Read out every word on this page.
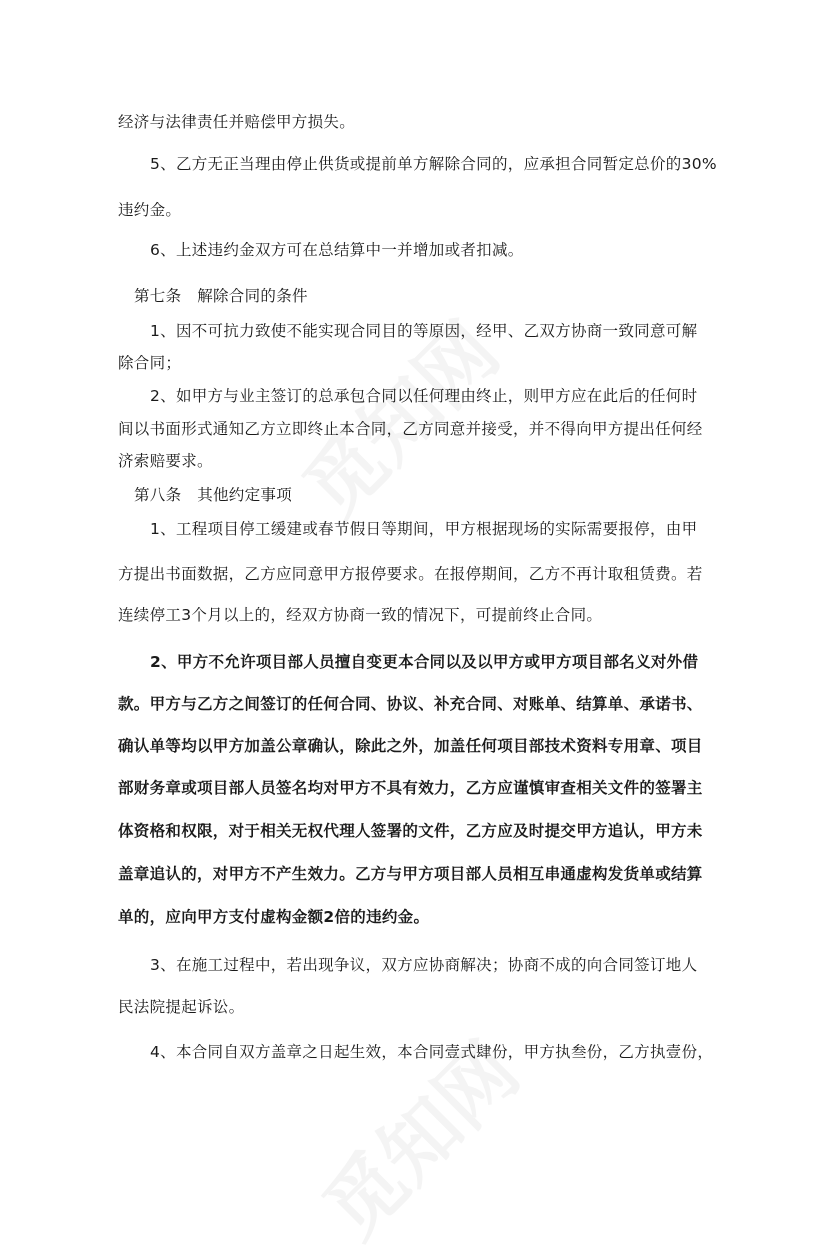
经济与法律责任并赔偿甲方损失。
5、乙方无正当理由停止供货或提前单方解除合同的，应承担合同暂定总价的30%
违约金。
6、上述违约金双方可在总结算中一并增加或者扣减。
第七条　解除合同的条件
1、因不可抗力致使不能实现合同目的等原因，经甲、乙双方协商一致同意可解
除合同；
2、如甲方与业主签订的总承包合同以任何理由终止，则甲方应在此后的任何时
间以书面形式通知乙方立即终止本合同，乙方同意并接受，并不得向甲方提出任何经
济索赔要求。
第八条　其他约定事项
1、工程项目停工缓建或春节假日等期间，甲方根据现场的实际需要报停，由甲
方提出书面数据，乙方应同意甲方报停要求。在报停期间，乙方不再计取租赁费。若
连续停工3个月以上的，经双方协商一致的情况下，可提前终止合同。
2、甲方不允许项目部人员擅自变更本合同以及以甲方或甲方项目部名义对外借
款。甲方与乙方之间签订的任何合同、协议、补充合同、对账单、结算单、承诺书、
确认单等均以甲方加盖公章确认，除此之外，加盖任何项目部技术资料专用章、项目
部财务章或项目部人员签名均对甲方不具有效力，乙方应谨慎审查相关文件的签署主
体资格和权限，对于相关无权代理人签署的文件，乙方应及时提交甲方追认，甲方未
盖章追认的，对甲方不产生效力。乙方与甲方项目部人员相互串通虚构发货单或结算
单的，应向甲方支付虚构金额2倍的违约金。
3、在施工过程中，若出现争议，双方应协商解决；协商不成的向合同签订地人
民法院提起诉讼。
4、本合同自双方盖章之日起生效，本合同壹式肆份，甲方执叁份，乙方执壹份，
